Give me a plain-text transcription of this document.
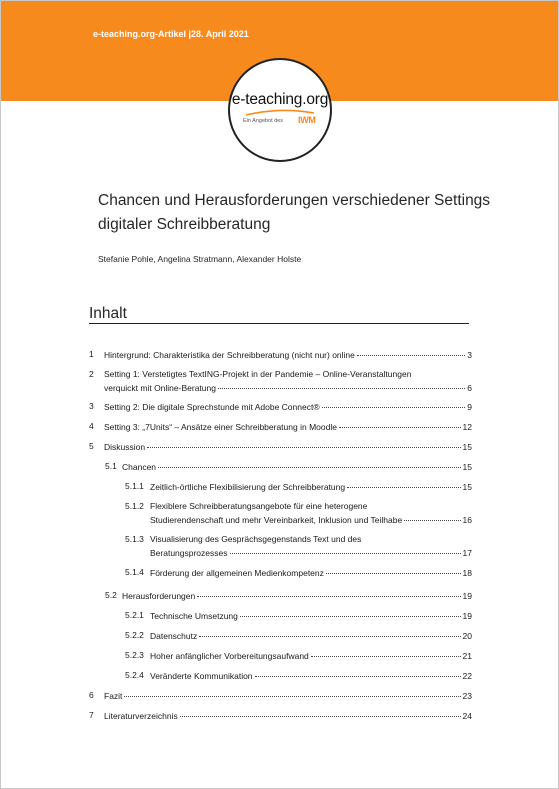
e-teaching.org-Artikel |28. April 2021
e-teaching.org
Ein Angebot des IWM
Chancen und Herausforderungen verschiedener Settings digitaler Schreibberatung
Stefanie Pohle, Angelina Stratmann, Alexander Holste
Inhalt
1 Hintergrund: Charakteristika der Schreibberatung (nicht nur) online	3
2 Setting 1: Verstetigtes TextING-Projekt in der Pandemie – Online-Veranstaltungen
verquickt mit Online-Beratung	6
3 Setting 2: Die digitale Sprechstunde mit Adobe Connect®	9
4 Setting 3: „7Units“ – Ansätze einer Schreibberatung in Moodle	12
5 Diskussion	15
5.1 Chancen	15
5.1.1 Zeitlich-örtliche Flexibilisierung der Schreibberatung	15
5.1.2 Flexiblere Schreibberatungsangebote für eine heterogene
Studierendenschaft und mehr Vereinbarkeit, Inklusion und Teilhabe	16
5.1.3 Visualisierung des Gesprächsgegenstands Text und des
Beratungsprozesses	17
5.1.4 Förderung der allgemeinen Medienkompetenz	18
5.2 Herausforderungen	19
5.2.1 Technische Umsetzung	19
5.2.2 Datenschutz	20
5.2.3 Hoher anfänglicher Vorbereitungsaufwand	21
5.2.4 Veränderte Kommunikation	22
6 Fazit	23
7 Literaturverzeichnis	24
